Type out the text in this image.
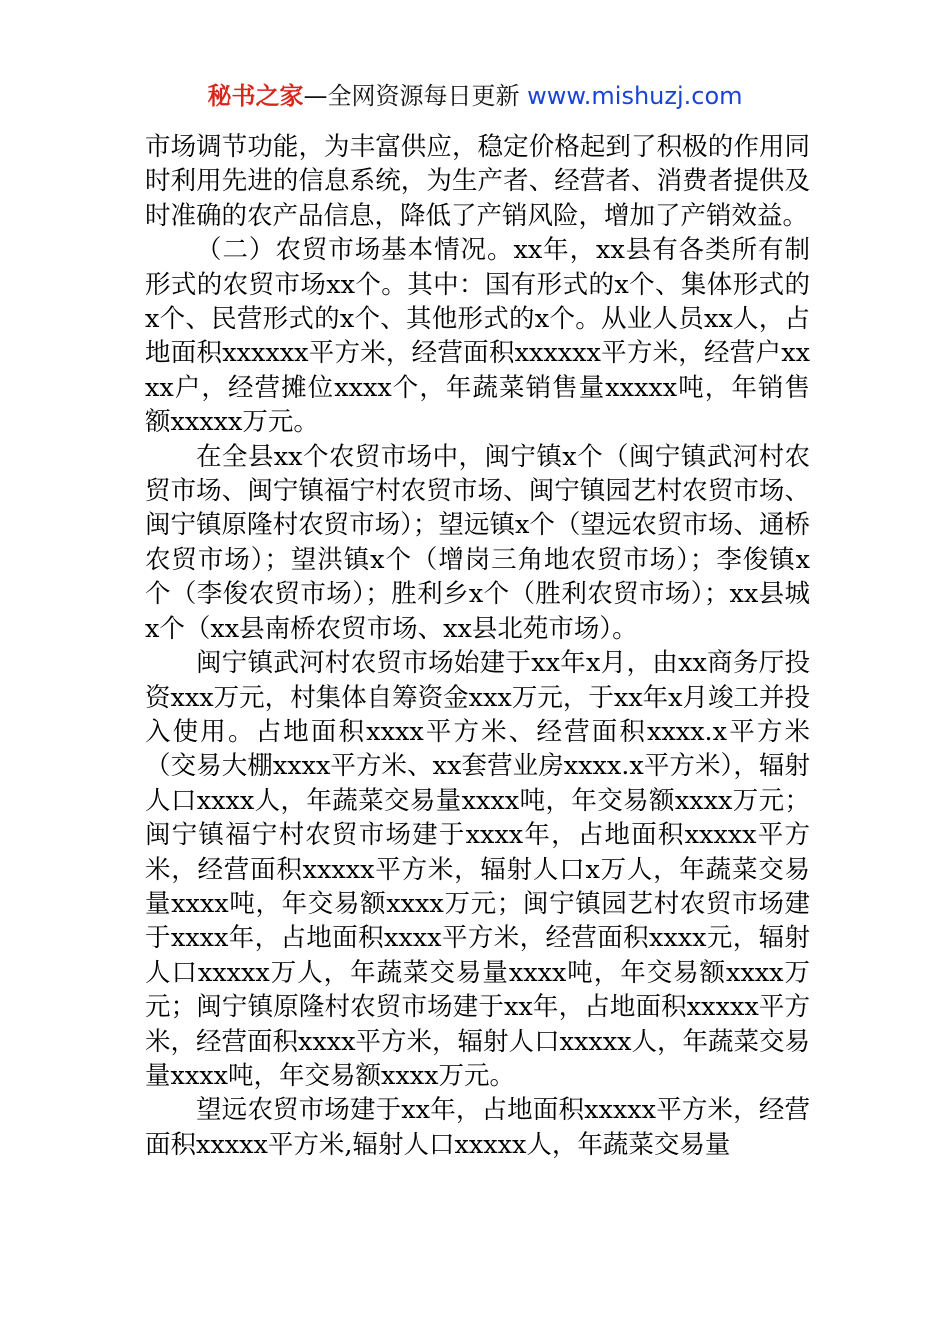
秘书之家—全网资源每日更新 www.mishuzj.com

市场调节功能，为丰富供应，稳定价格起到了积极的作用同时利用先进的信息系统，为生产者、经营者、消费者提供及时准确的农产品信息，降低了产销风险，增加了产销效益。

（二）农贸市场基本情况。xx年，xx县有各类所有制形式的农贸市场xx个。其中：国有形式的x个、集体形式的x个、民营形式的x个、其他形式的x个。从业人员xx人，占地面积xxxxxx平方米，经营面积xxxxxx平方米，经营户xxxx户，经营摊位xxxx个，年蔬菜销售量xxxxx吨，年销售额xxxxx万元。

在全县xx个农贸市场中，闽宁镇x个（闽宁镇武河村农贸市场、闽宁镇福宁村农贸市场、闽宁镇园艺村农贸市场、闽宁镇原隆村农贸市场）；望远镇x个（望远农贸市场、通桥农贸市场）；望洪镇x个（增岗三角地农贸市场）；李俊镇x个（李俊农贸市场）；胜利乡x个（胜利农贸市场）；xx县城x个（xx县南桥农贸市场、xx县北苑市场）。

闽宁镇武河村农贸市场始建于xx年x月，由xx商务厅投资xxx万元，村集体自筹资金xxx万元，于xx年x月竣工并投入使用。占地面积xxxx平方米、经营面积xxxx.x平方米（交易大棚xxxx平方米、xx套营业房xxxx.x平方米），辐射人口xxxx人，年蔬菜交易量xxxx吨，年交易额xxxx万元；闽宁镇福宁村农贸市场建于xxxx年，占地面积xxxxx平方米，经营面积xxxxx平方米，辐射人口x万人，年蔬菜交易量xxxx吨，年交易额xxxx万元；闽宁镇园艺村农贸市场建于xxxx年，占地面积xxxx平方米，经营面积xxxx元，辐射人口xxxxx万人，年蔬菜交易量xxxx吨，年交易额xxxx万元；闽宁镇原隆村农贸市场建于xx年，占地面积xxxxx平方米，经营面积xxxx平方米，辐射人口xxxxx人，年蔬菜交易量xxxx吨，年交易额xxxx万元。

望远农贸市场建于xx年，占地面积xxxxx平方米，经营面积xxxxx平方米,辐射人口xxxxx人，年蔬菜交易量
